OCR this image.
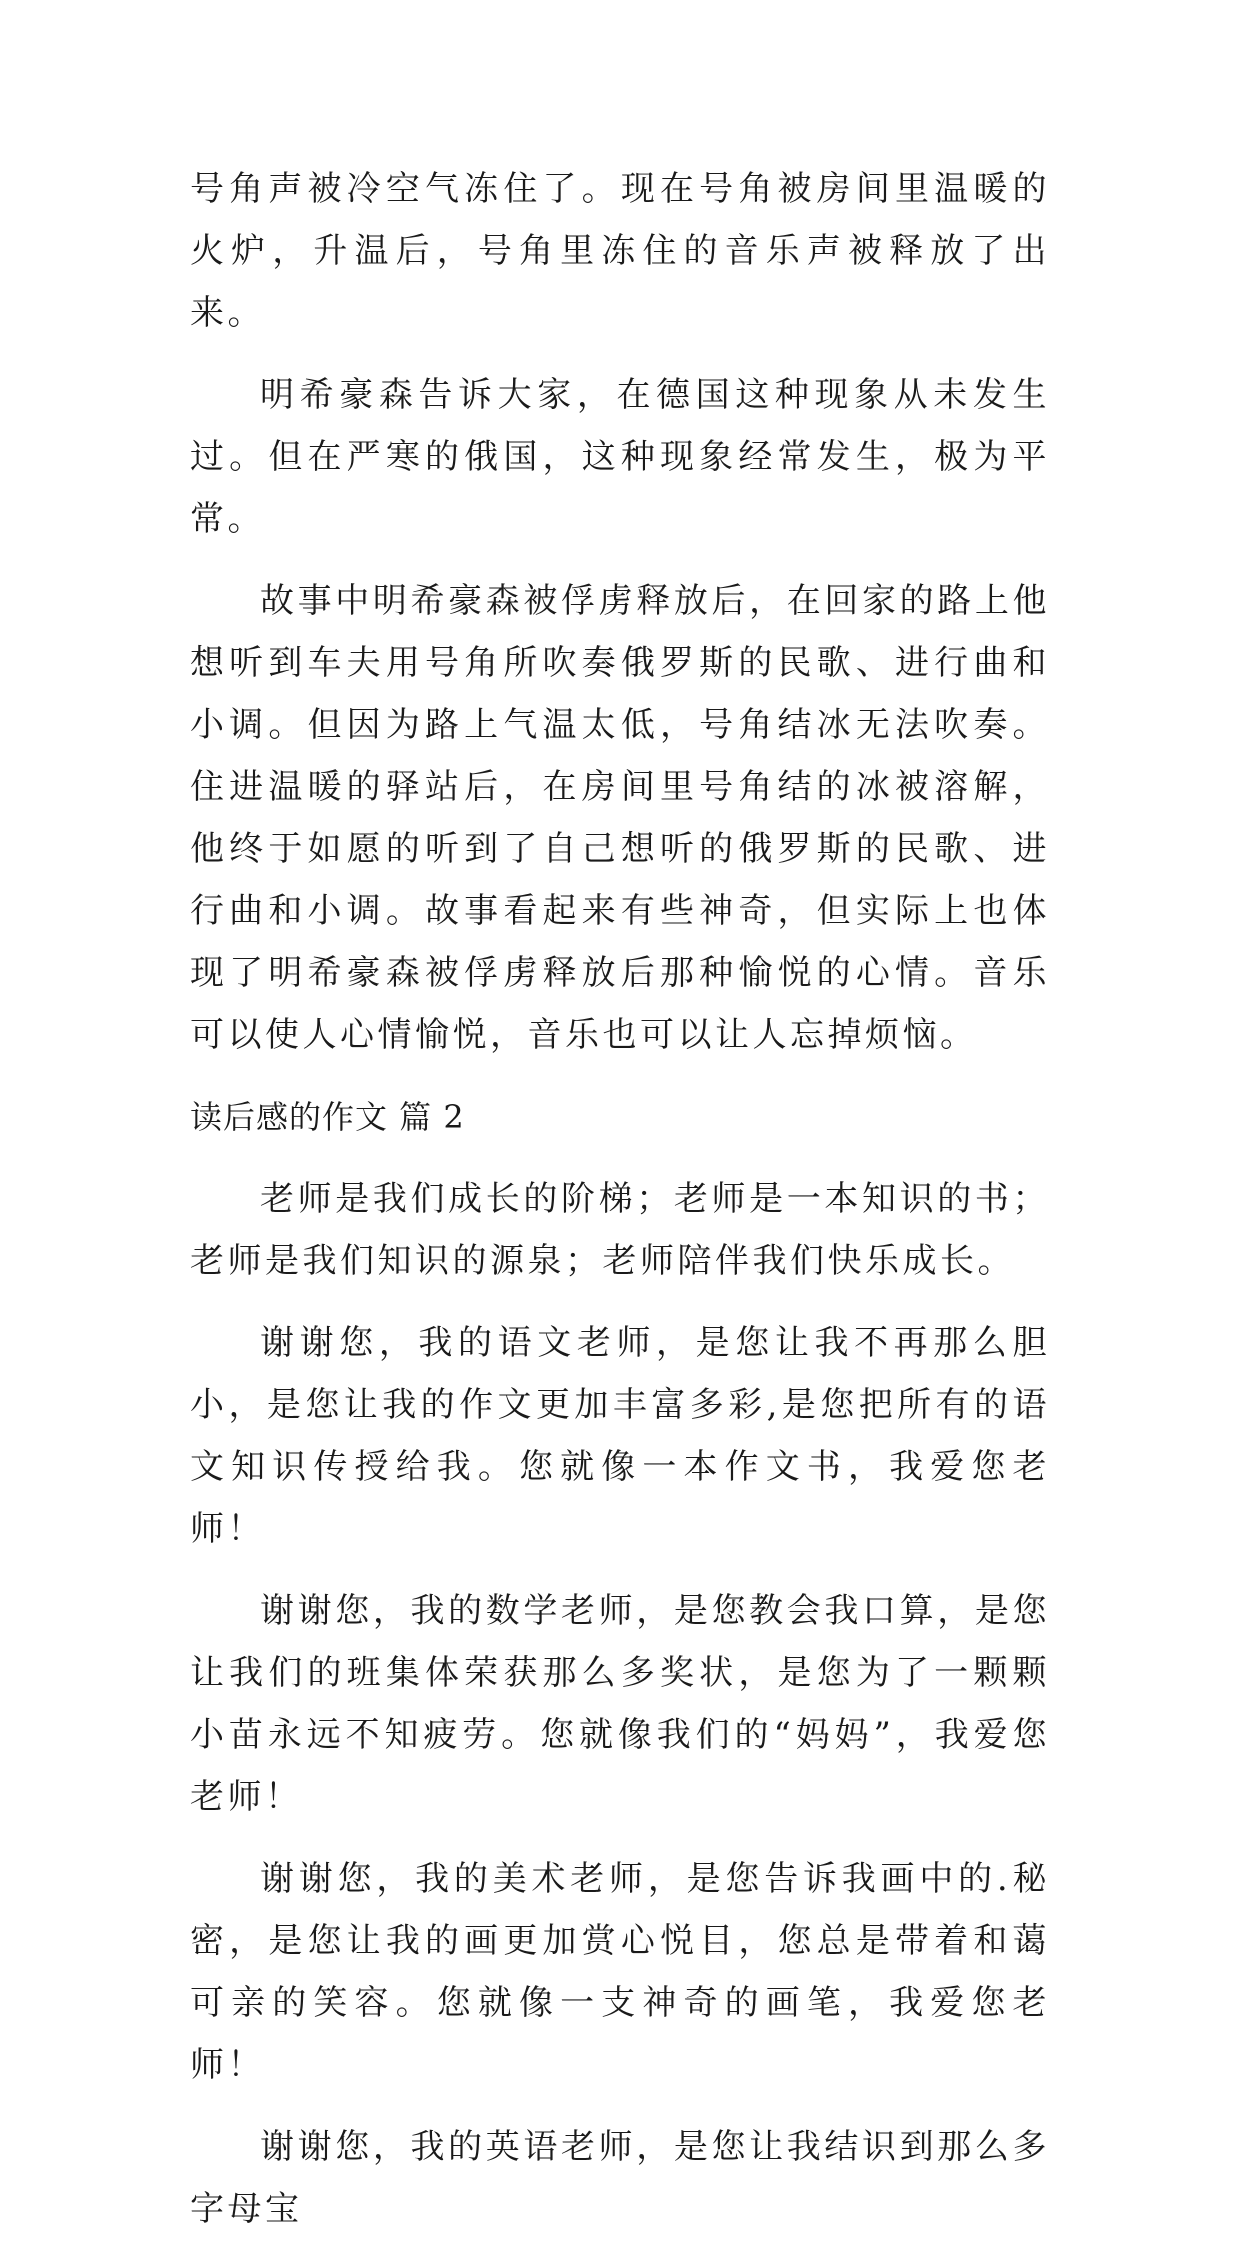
号角声被冷空气冻住了。现在号角被房间里温暖的火炉，升温后，号角里冻住的音乐声被释放了出来。

明希豪森告诉大家，在德国这种现象从未发生过。但在严寒的俄国，这种现象经常发生，极为平常。

故事中明希豪森被俘虏释放后，在回家的路上他想听到车夫用号角所吹奏俄罗斯的民歌、进行曲和小调。但因为路上气温太低，号角结冰无法吹奏。住进温暖的驿站后，在房间里号角结的冰被溶解，他终于如愿的听到了自己想听的俄罗斯的民歌、进行曲和小调。故事看起来有些神奇，但实际上也体现了明希豪森被俘虏释放后那种愉悦的心情。音乐可以使人心情愉悦，音乐也可以让人忘掉烦恼。

读后感的作文 篇 2

老师是我们成长的阶梯；老师是一本知识的书；老师是我们知识的源泉；老师陪伴我们快乐成长。

谢谢您，我的语文老师，是您让我不再那么胆小，是您让我的作文更加丰富多彩,是您把所有的语文知识传授给我。您就像一本作文书，我爱您老师！

谢谢您，我的数学老师，是您教会我口算，是您让我们的班集体荣获那么多奖状，是您为了一颗颗小苗永远不知疲劳。您就像我们的“妈妈”，我爱您老师！

谢谢您，我的美术老师，是您告诉我画中的.秘密，是您让我的画更加赏心悦目，您总是带着和蔼可亲的笑容。您就像一支神奇的画笔，我爱您老师！

谢谢您，我的英语老师，是您让我结识到那么多字母宝
